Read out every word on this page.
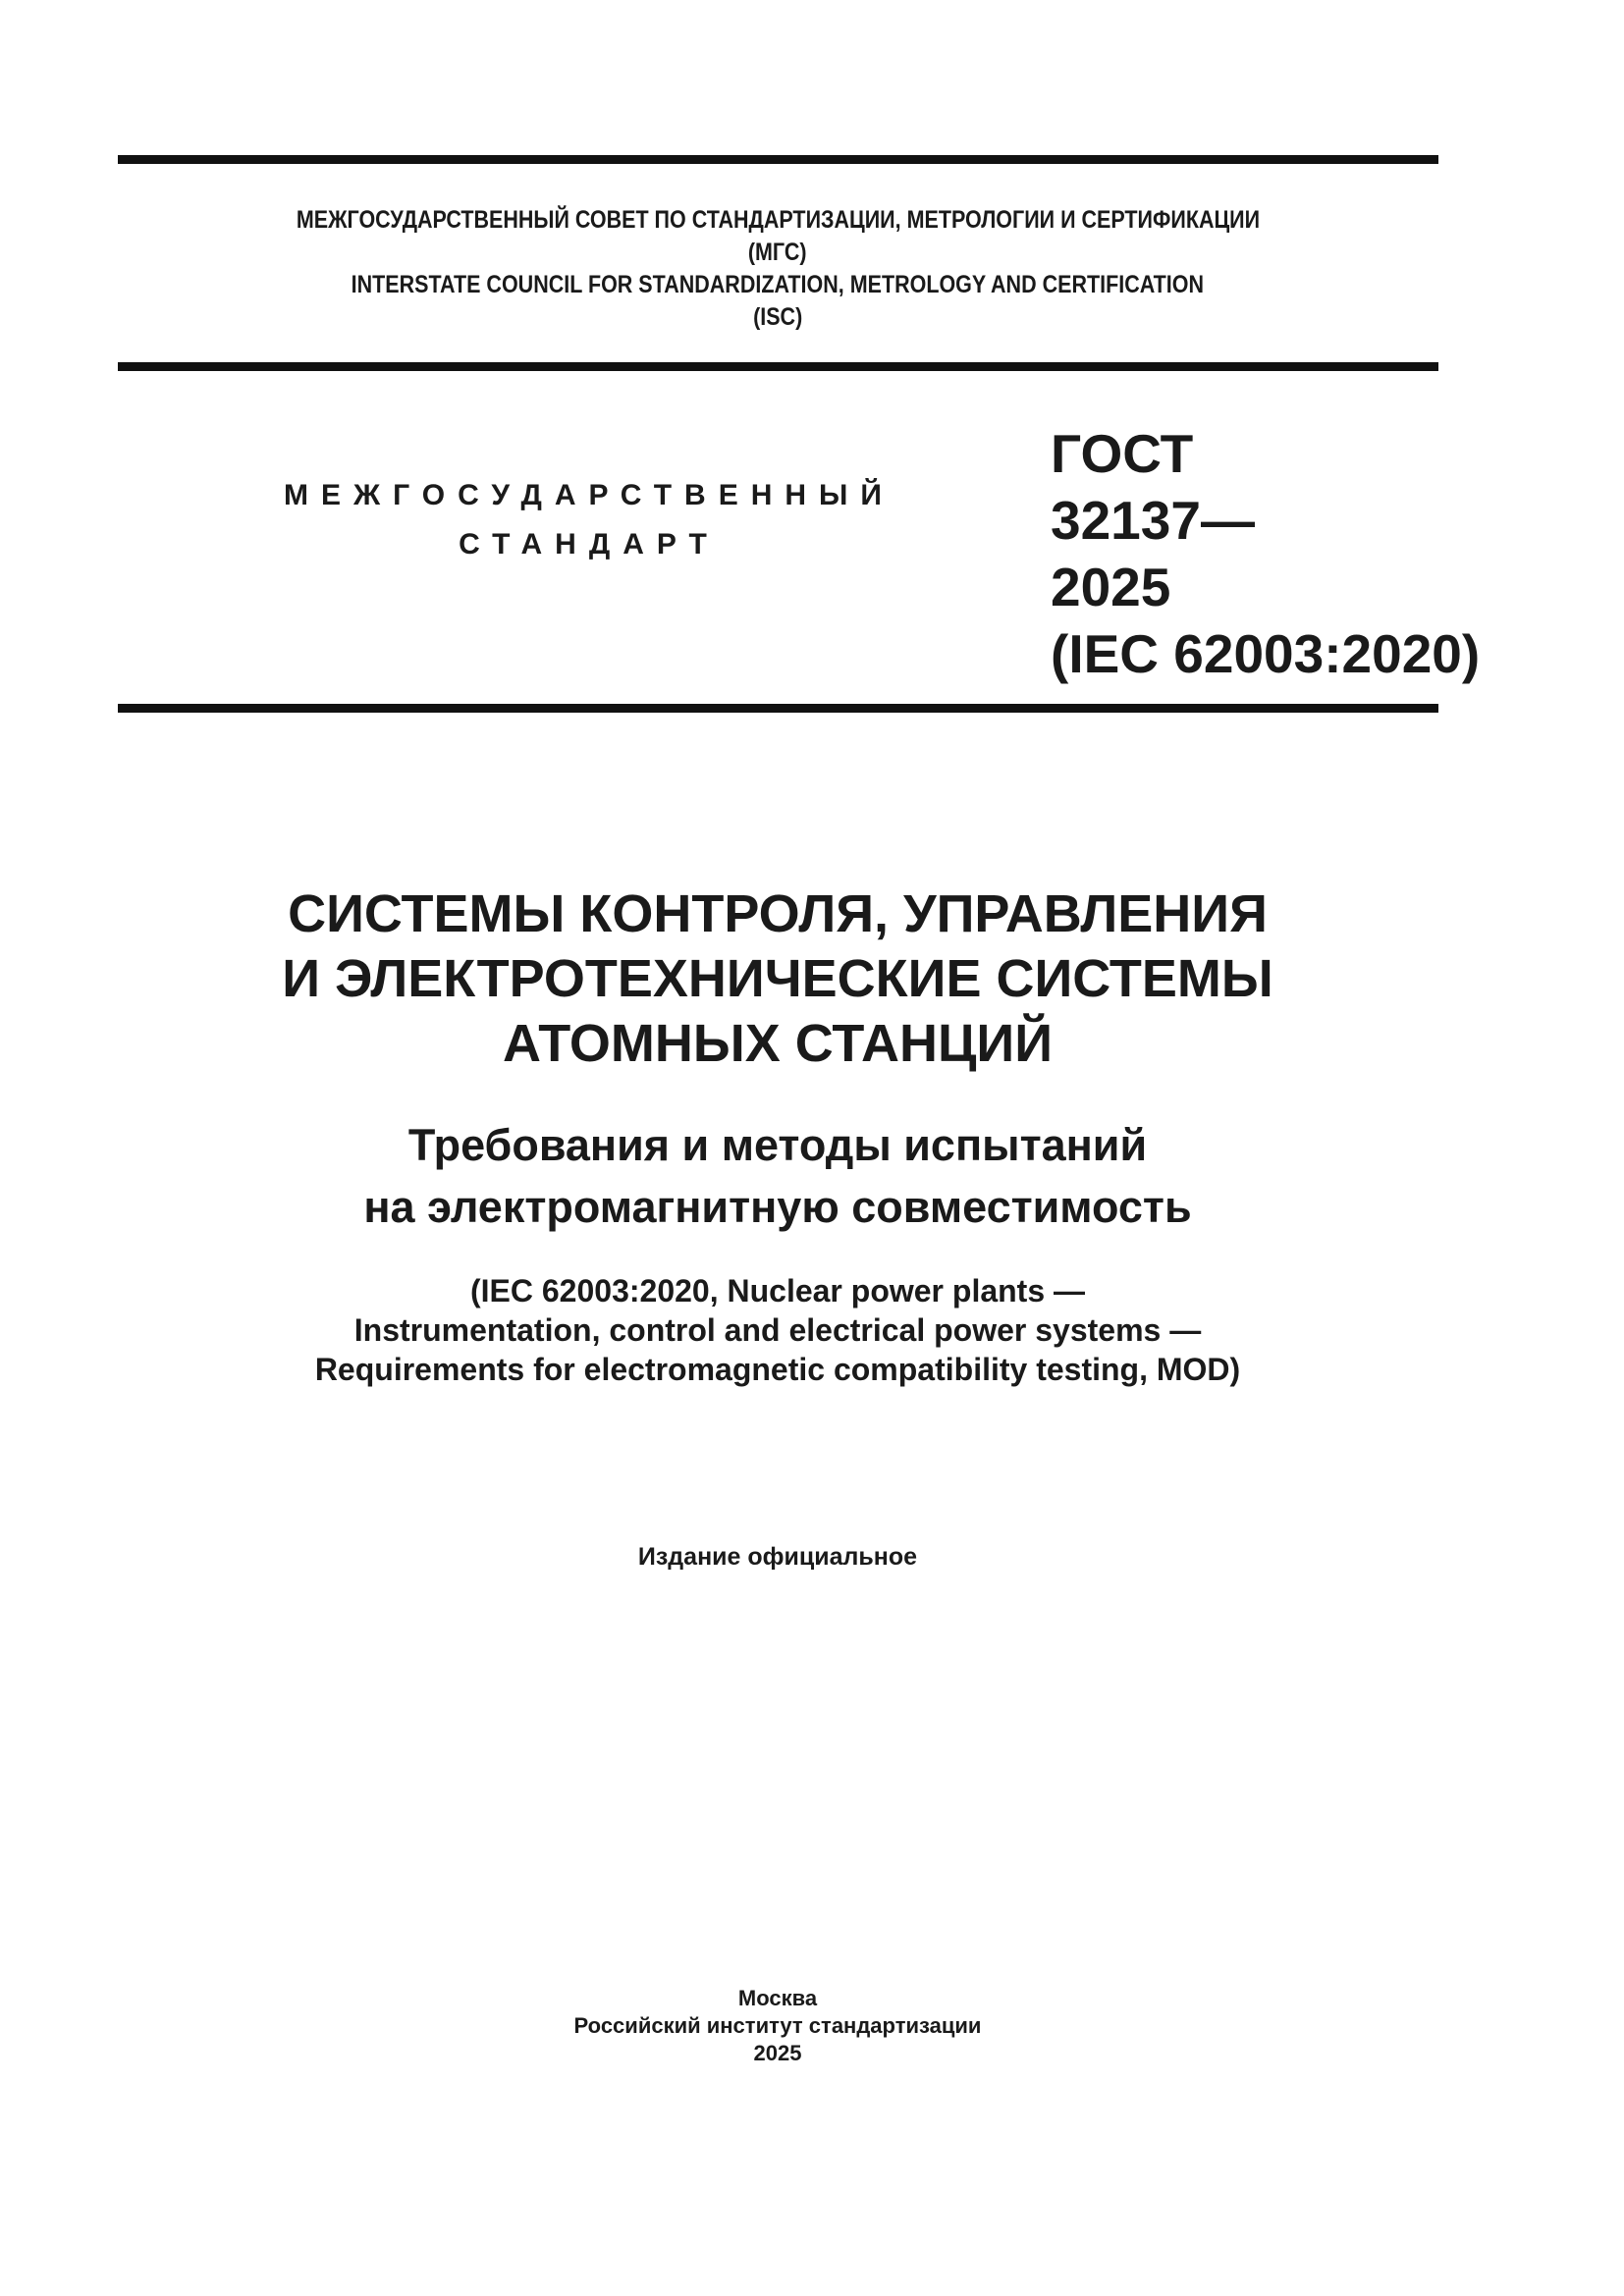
МЕЖГОСУДАРСТВЕННЫЙ СОВЕТ ПО СТАНДАРТИЗАЦИИ, МЕТРОЛОГИИ И СЕРТИФИКАЦИИ
(МГС)
INTERSTATE COUNCIL FOR STANDARDIZATION, METROLOGY AND CERTIFICATION
(ISC)
МЕЖГОСУДАРСТВЕННЫЙ
СТАНДАРТ
ГОСТ
32137—
2025
(IEC 62003:2020)
СИСТЕМЫ КОНТРОЛЯ, УПРАВЛЕНИЯ
И ЭЛЕКТРОТЕХНИЧЕСКИЕ СИСТЕМЫ
АТОМНЫХ СТАНЦИЙ
Требования и методы испытаний
на электромагнитную совместимость
(IEC 62003:2020, Nuclear power plants —
Instrumentation, control and electrical power systems —
Requirements for electromagnetic compatibility testing, MOD)
Издание официальное
Москва
Российский институт стандартизации
2025
